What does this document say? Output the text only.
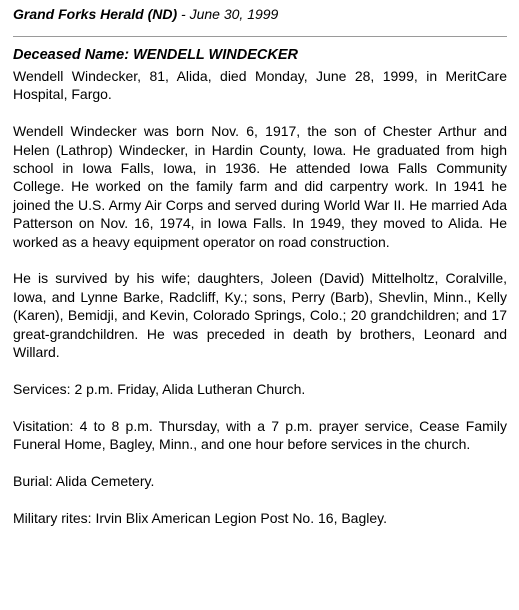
Grand Forks Herald (ND) - June 30, 1999

Deceased Name: WENDELL WINDECKER

Wendell Windecker, 81, Alida, died Monday, June 28, 1999, in MeritCare Hospital, Fargo.

Wendell Windecker was born Nov. 6, 1917, the son of Chester Arthur and Helen (Lathrop) Windecker, in Hardin County, Iowa. He graduated from high school in Iowa Falls, Iowa, in 1936. He attended Iowa Falls Community College. He worked on the family farm and did carpentry work. In 1941 he joined the U.S. Army Air Corps and served during World War II. He married Ada Patterson on Nov. 16, 1974, in Iowa Falls. In 1949, they moved to Alida. He worked as a heavy equipment operator on road construction.

He is survived by his wife; daughters, Joleen (David) Mittelholtz, Coralville, Iowa, and Lynne Barke, Radcliff, Ky.; sons, Perry (Barb), Shevlin, Minn., Kelly (Karen), Bemidji, and Kevin, Colorado Springs, Colo.; 20 grandchildren; and 17 great-grandchildren. He was preceded in death by brothers, Leonard and Willard.

Services: 2 p.m. Friday, Alida Lutheran Church.

Visitation: 4 to 8 p.m. Thursday, with a 7 p.m. prayer service, Cease Family Funeral Home, Bagley, Minn., and one hour before services in the church.

Burial: Alida Cemetery.

Military rites: Irvin Blix American Legion Post No. 16, Bagley.
